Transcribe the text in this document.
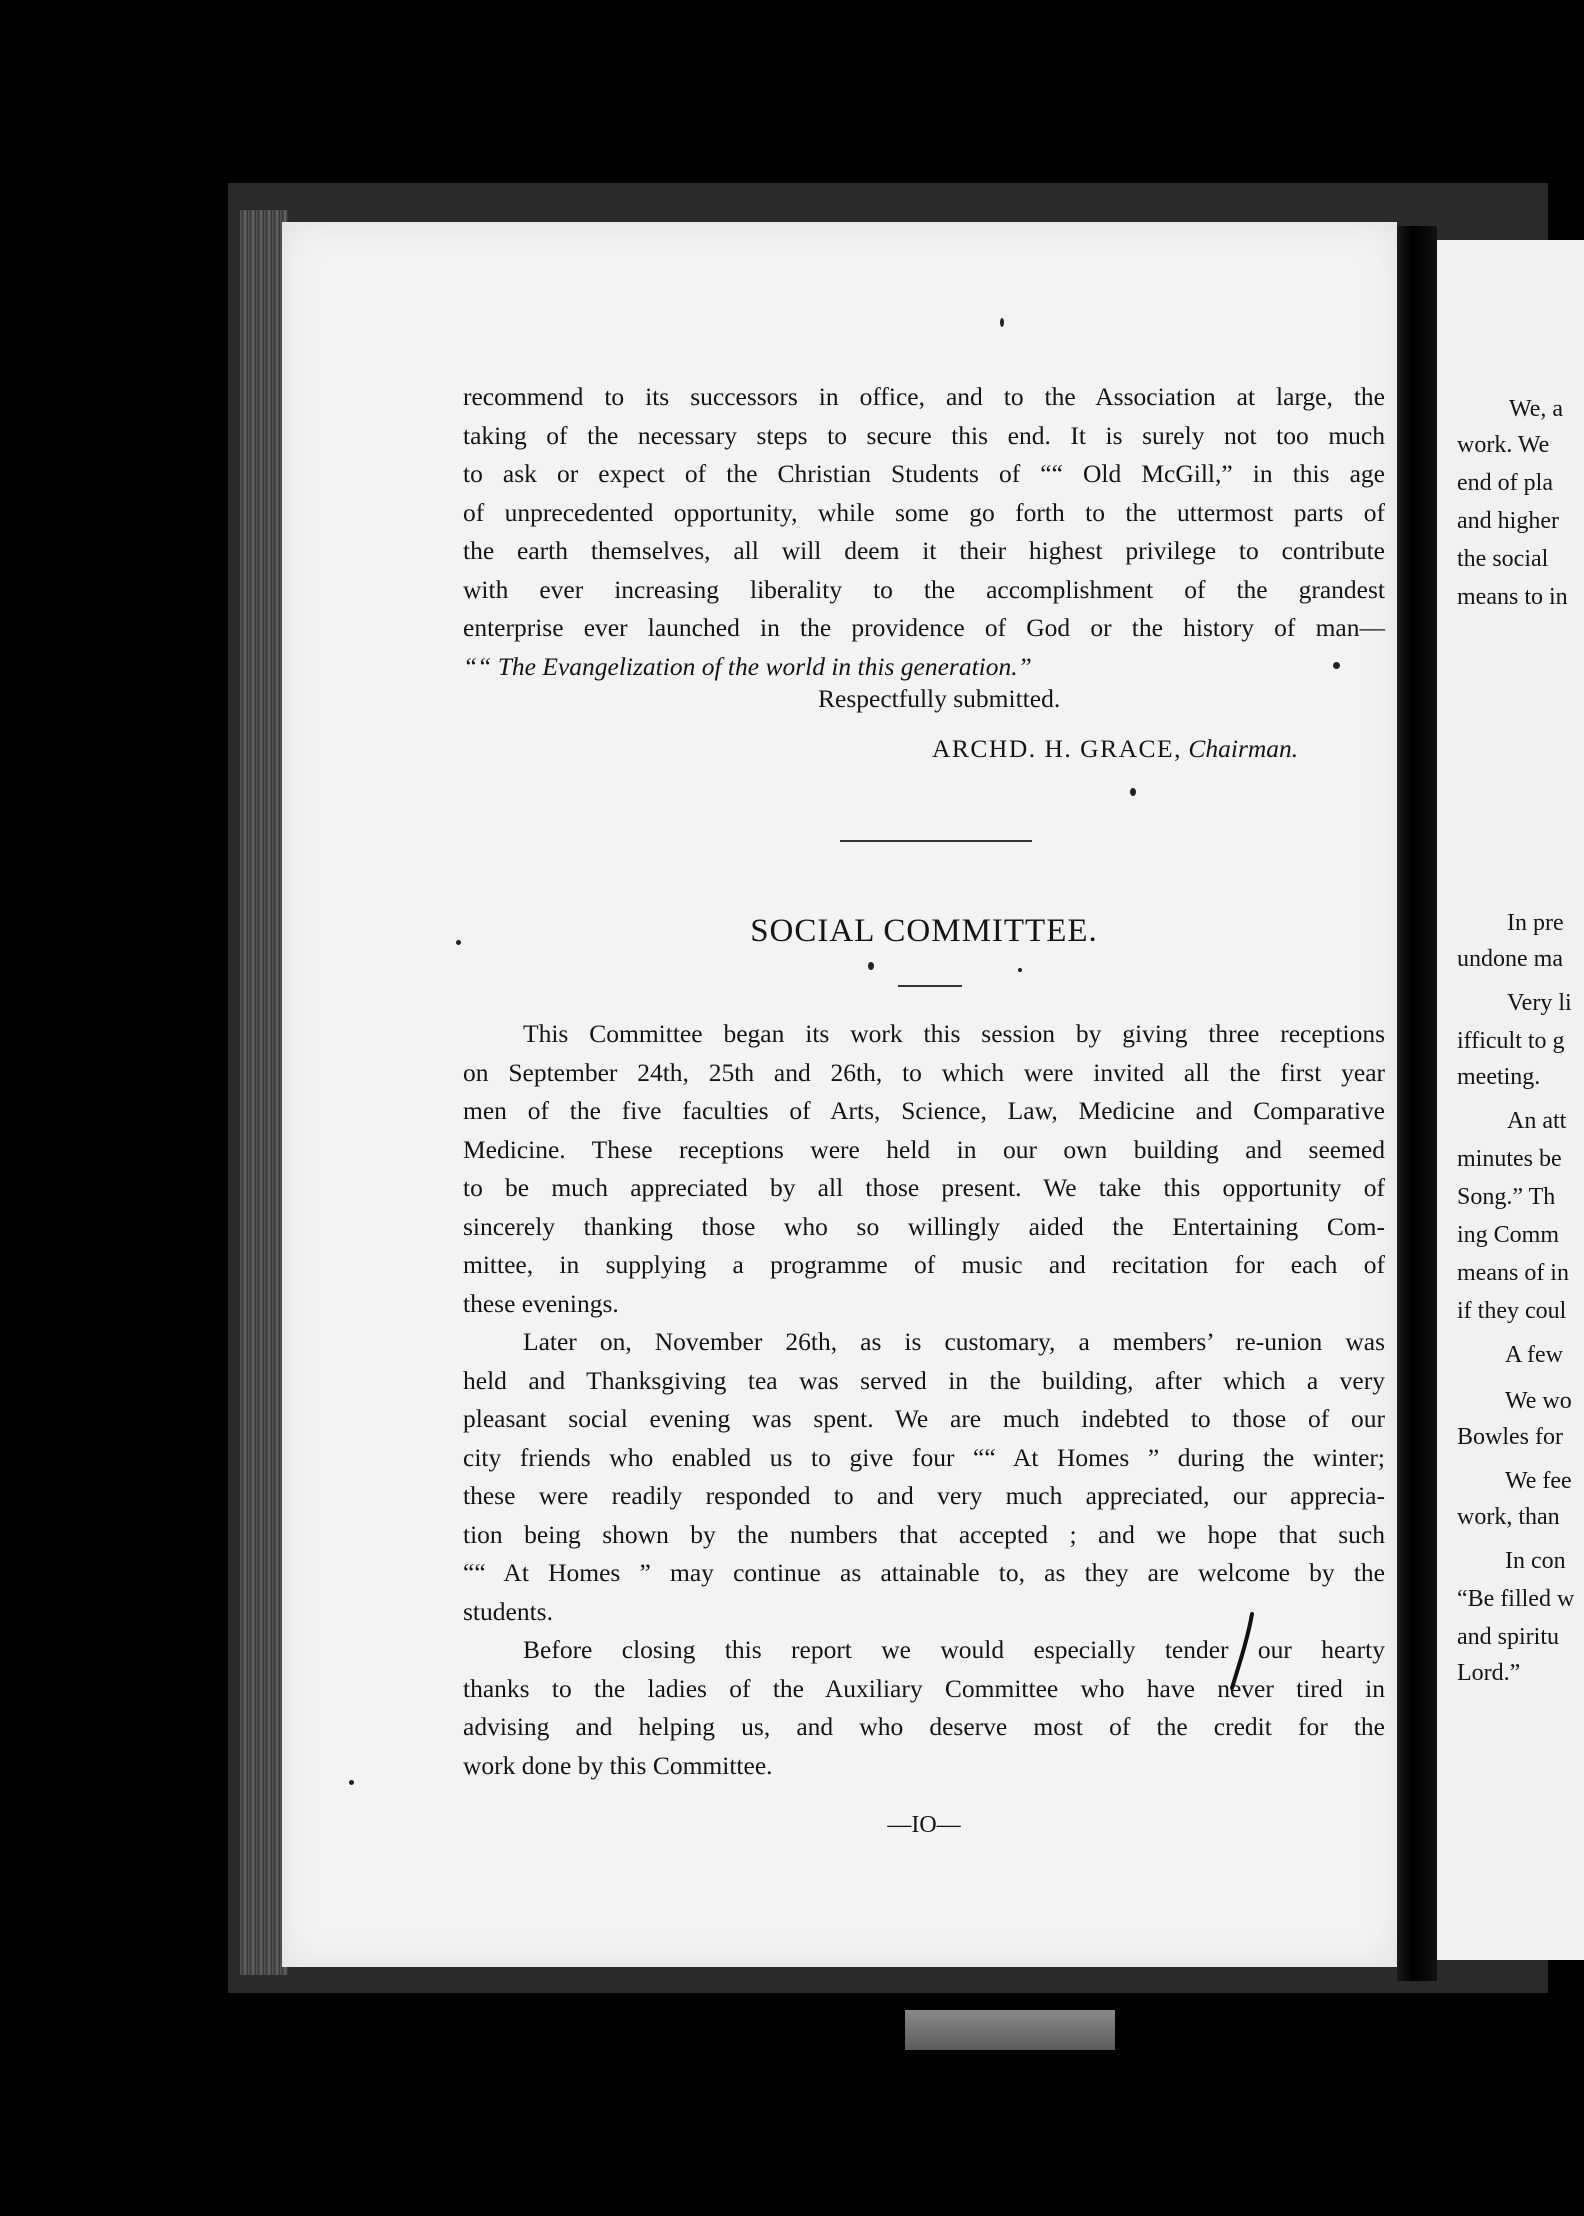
recommend to its successors in office, and to the Association at large, the
taking of the necessary steps to secure this end. It is surely not too much
to ask or expect of the Christian Students of ““ Old McGill,” in this age
of unprecedented opportunity, while some go forth to the uttermost parts of
the earth themselves, all will deem it their highest privilege to contribute
with ever increasing liberality to the accomplishment of the grandest
enterprise ever launched in the providence of God or the history of man—
““ The Evangelization of the world in this generation.”
Respectfully submitted.
ARCHD. H. GRACE, Chairman.
SOCIAL COMMITTEE.
This Committee began its work this session by giving three receptions
on September 24th, 25th and 26th, to which were invited all the first year
men of the five faculties of Arts, Science, Law, Medicine and Comparative
Medicine. These receptions were held in our own building and seemed
to be much appreciated by all those present. We take this opportunity of
sincerely thanking those who so willingly aided the Entertaining Com-
mittee, in supplying a programme of music and recitation for each of
these evenings.
Later on, November 26th, as is customary, a members’ re-union was
held and Thanksgiving tea was served in the building, after which a very
pleasant social evening was spent. We are much indebted to those of our
city friends who enabled us to give four ““ At Homes ” during the winter;
these were readily responded to and very much appreciated, our apprecia-
tion being shown by the numbers that accepted ; and we hope that such
““ At Homes ” may continue as attainable to, as they are welcome by the
students.
Before closing this report we would especially tender our hearty
thanks to the ladies of the Auxiliary Committee who have never tired in
advising and helping us, and who deserve most of the credit for the
work done by this Committee.
—IO—
We, a
work. We
end of pla
and higher
the social
means to in
In pre
undone ma
Very li
ifficult to g
meeting.
An att
minutes be
Song.” Th
ing Comm
means of in
if they coul
A few
We wo
Bowles for
We fee
work, than
In con
“Be filled w
and spiritu
Lord.”
